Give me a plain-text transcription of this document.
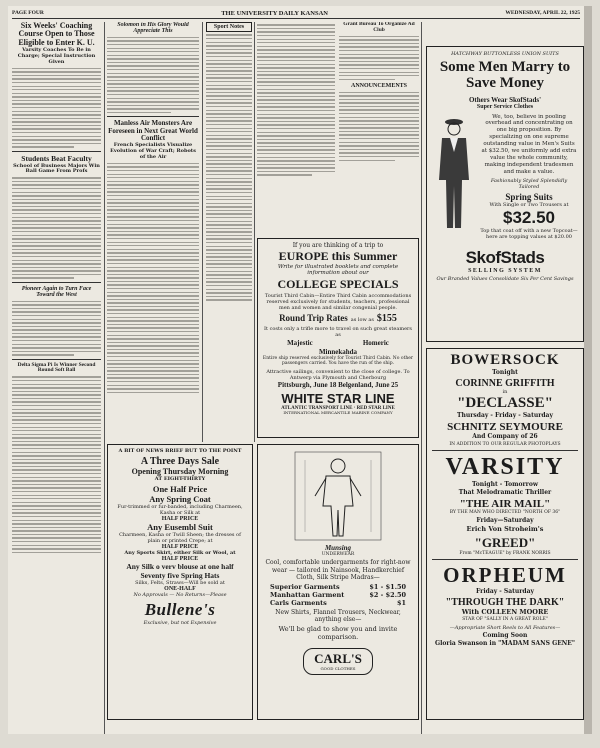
PAGE FOUR	THE UNIVERSITY DAILY KANSAN	WEDNESDAY, APRIL 22, 1925
Six Weeks' Coaching Course Open to Those Eligible to Enter K. U.
Varsity Coaches To Be in Charge; Special Instruction Given
Students Beat Faculty
School of Business Majors Win Ball Game From Profs
Pioneer Again to Turn Face Toward the West
Delta Sigma Pi Is Winner Second Round Soft Ball
Solomon in His Glory Would Appreciate This
Manless Air Monsters Are Foreseen in Next Great World Conflict
French Specialists Visualize Evolution of War Craft; Robots of the Air
Sport Notes	Grant Bureau To Organize Ad Club
ANNOUNCEMENTS
If you are thinking of a trip to
EUROPE this Summer
Write for illustrated booklets and complete information about our
COLLEGE SPECIALS
Tourist Third Cabin—Entire Third Cabin accommodations reserved exclusively for students, teachers, professional men and women and similar congenial people.
Round Trip Rates as low as $155
It costs only a trifle more to travel on such great steamers as
Majestic	Homeric
Minnekahda
Entire ship reserved exclusively for Tourist Third Cabin. No other passengers carried. You have the run of the ship.
Attractive sailings, convenient to the close of college. To Antwerp via Plymouth and Cherbourg
Pittsburgh, June 18 Belgenland, June 25
WHITE STAR LINE
ATLANTIC TRANSPORT LINE · RED STAR LINE
INTERNATIONAL MERCANTILE MARINE COMPANY
A BIT OF NEWS BRIEF BUT TO THE POINT
A Three Days Sale
Opening Thursday Morning
AT EIGHT-THIRTY
One Half Price
Any Spring Coat
Fur-trimmed or fur-banded, including Charmeen, Kasha or Silk at
HALF PRICE
Any Eusembl Suit
Charmeen, Kasha or Twill Sheen; the dresses of plain or printed Crepe; at
HALF PRICE
Any Sports Skirt, either Silk or Wool, at
HALF PRICE
Any Silk o verv blouse at one half
Seventy five Spring Hats
Silks, Felts, Straws—Will be sold at
ONE-HALF
No Approvals — No Returns—Please
Bullene's
Exclusive, but not Expensive
Munsing
UNDERWEAR
Cool, comfortable undergarments for right-now wear — tailored in Nainsook, Handkerchief Cloth, Silk Stripe Madras—
Superior Garments	$1 - $1.50
Manhattan Garment	$2 - $2.50
Carls Garments	$1
New Shirts, Flannel Trousers, Neckwear, anything else—
We'll be glad to show you and invite comparison.
CARL'S
GOOD CLOTHES
HATCHWAY BUTTONLESS UNION SUITS
Some Men Marry to Save Money
Others Wear SkofStads'
Super Service Clothes
We, too, believe in pooling overhead and concentrating on one big proposition. By specializing on one supreme outstanding value in Men's Suits at $32.50, we uniformly add extra value the whole community, making independent tradesmen and make a value.
Fashionably Styled Splendidly Tailored
Spring Suits
With Single or Two Trousers at
$32.50
Top that coat off with a new Topcoat—here are topping values at $20.00
SkofStads
SELLING SYSTEM
Our Branded Values Consolidate Six Per Cent Savings
BOWERSOCK
Tonight
CORINNE GRIFFITH
in
"DECLASSE"
Thursday - Friday - Saturday
SCHNITZ SEYMOURE
And Company of 26
IN ADDITION TO OUR REGULAR PHOTOPLAYS
VARSITY
Tonight - Tomorrow
That Melodramatic Thriller
"THE AIR MAIL"
BY THE MAN WHO DIRECTED "NORTH OF 36"
Friday—Saturday
Erich Von Stroheim's
"GREED"
From "McTEAGUE" by FRANK NORRIS
ORPHEUM
Friday - Saturday
"THROUGH THE DARK"
With COLLEEN MOORE
STAR OF "SALLY IN A GREAT ROLE"
—Appropriate Short Reels to All Features—
Coming Soon
Gloria Swanson in "MADAM SANS GENE"
